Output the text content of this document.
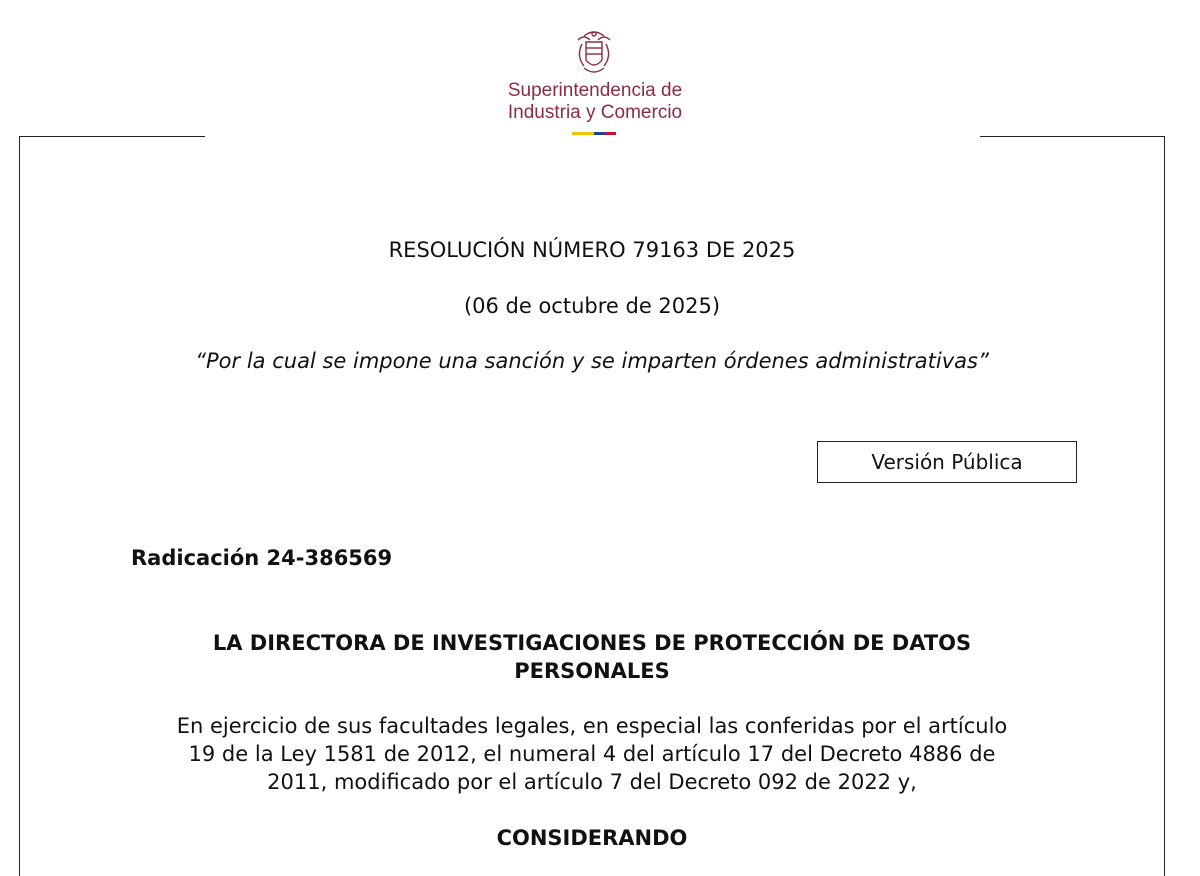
Superintendencia de
Industria y Comercio
RESOLUCIÓN NÚMERO 79163 DE 2025
(06 de octubre de 2025)
“Por la cual se impone una sanción y se imparten órdenes administrativas”
Versión Pública
Radicación 24-386569
LA DIRECTORA DE INVESTIGACIONES DE PROTECCIÓN DE DATOS
PERSONALES
En ejercicio de sus facultades legales, en especial las conferidas por el artículo
19 de la Ley 1581 de 2012, el numeral 4 del artículo 17 del Decreto 4886 de
2011, modificado por el artículo 7 del Decreto 092 de 2022 y,
CONSIDERANDO
